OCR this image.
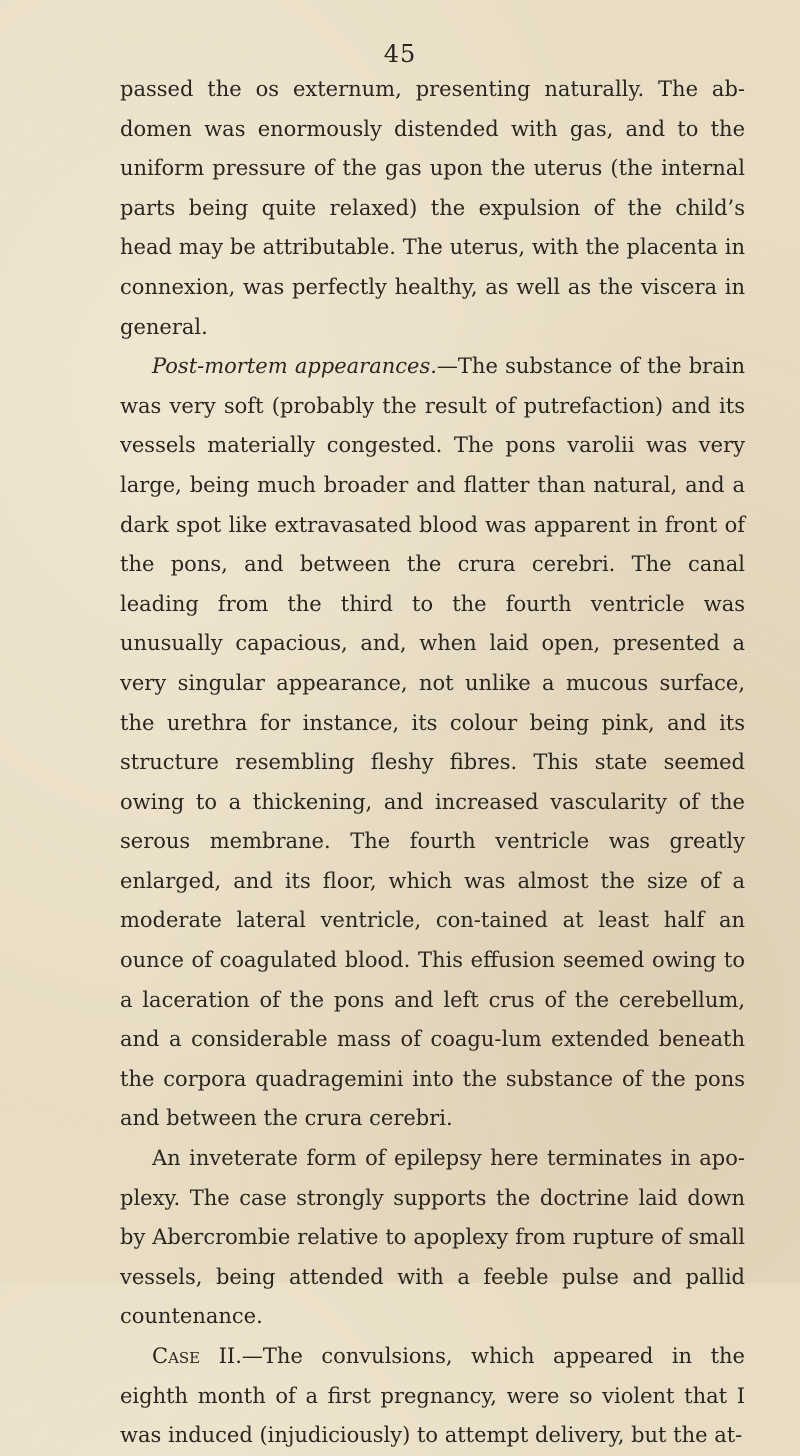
45

passed the os externum, presenting naturally. The ab-domen was enormously distended with gas, and to the uniform pressure of the gas upon the uterus (the internal parts being quite relaxed) the expulsion of the child’s head may be attributable. The uterus, with the placenta in connexion, was perfectly healthy, as well as the viscera in general.

Post-mortem appearances.—The substance of the brain was very soft (probably the result of putrefaction) and its vessels materially congested. The pons varolii was very large, being much broader and flatter than natural, and a dark spot like extravasated blood was apparent in front of the pons, and between the crura cerebri. The canal leading from the third to the fourth ventricle was unusually capacious, and, when laid open, presented a very singular appearance, not unlike a mucous surface, the urethra for instance, its colour being pink, and its structure resembling fleshy fibres. This state seemed owing to a thickening, and increased vascularity of the serous membrane. The fourth ventricle was greatly enlarged, and its floor, which was almost the size of a moderate lateral ventricle, con-tained at least half an ounce of coagulated blood. This effusion seemed owing to a laceration of the pons and left crus of the cerebellum, and a considerable mass of coagu-lum extended beneath the corpora quadragemini into the substance of the pons and between the crura cerebri.

An inveterate form of epilepsy here terminates in apo-plexy. The case strongly supports the doctrine laid down by Abercrombie relative to apoplexy from rupture of small vessels, being attended with a feeble pulse and pallid countenance.

Case II.—The convulsions, which appeared in the eighth month of a first pregnancy, were so violent that I was induced (injudiciously) to attempt delivery, but the at-
